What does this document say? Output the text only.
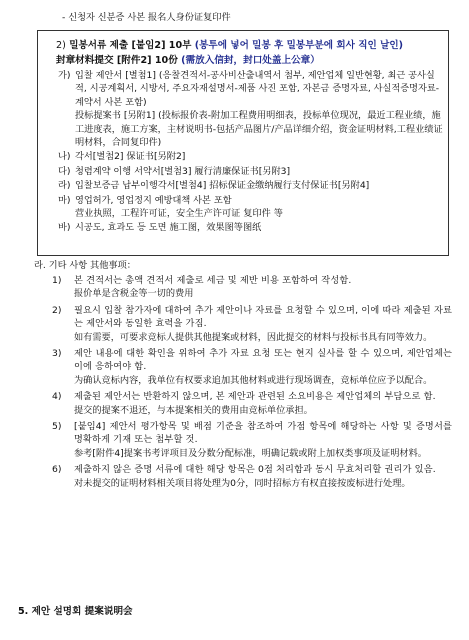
- 신청자 신분증 사본 报名人身份证复印件
2) 밀봉서류 제출 [붙임2] 10부 (봉투에 넣어 밀봉 후 밀봉부분에 회사 직인 날인)
封章材料提交 [附件2] 10份 (需放入信封，封口处盖上公章）
가) 입찰 제안서 [별첨1] (응찰견적서-공사비산출내역서 첨부, 제안업체 일반현황, 최근 공사실적, 시공계획서, 시방서, 주요자재설명서-제품 사진 포함, 자본금 증명자료, 사실적증명자료-계약서 사본 포함)
投标提案书 [另附1] (投标报价表-附加工程费用明细表，投标单位现况，最近工程业绩，施工进度表，施工方案，主材说明书-包括产品图片/产品详细介绍，资金证明材料,工程业绩证明材料，合同复印件)
나) 각서[별첨2] 保证书[另附2]
다) 청렴계약 이행 서약서[별첨3] 履行清廉保证书[另附3]
라) 입찰보증금 납부이행각서[별첨4] 招标保证金缴纳履行支付保证书[另附4]
마) 영업허가, 영업정지 예방대책 사본 포함
营业执照，工程许可证，安全生产许可证 复印件 等
바) 시공도, 효과도 등 도면 施工图，效果图等图纸
라. 기타 사항 其他事项：
1) 본 견적서는 총액 견적서 제출로 세금 및 제반 비용 포함하여 작성함.

报价单是含税金等一切的费用

2) 필요시 입찰 참가자에 대하여 추가 제안이나 자료를 요청할 수 있으며, 이에 따라 제출된 자료는 제안서와 동일한 효력을 가짐.

如有需要，可要求竞标人提供其他提案或材料，因此提交的材料与投标书具有同等效力。

3) 제안 내용에 대한 확인을 위하여 추가 자료 요청 또는 현지 실사를 할 수 있으며, 제안업체는 이에 응하여야 함.

为确认竞标内容，我单位有权要求追加其他材料或进行现场调查，竞标单位应予以配合。

4) 제출된 제안서는 반환하지 않으며, 본 제안과 관련된 소요비용은 제안업체의 부담으로 함.

提交的提案不退还，与本提案相关的费用由竞标单位承担。

5) [붙임4] 제안서 평가항목 및 배점 기준을 참조하여 가점 항목에 해당하는 사항 및 증명서를 명확하게 기재 또는 첨부할 것.

参考[附件4]提案书考评项目及分数分配标准，明确记载或附上加权类事项及证明材料。

6) 제출하지 않은 증명 서류에 대한 해당 항목은 0점 처리함과 동시 무효처리할 권리가 있음.

对未提交的证明材料相关项目将处理为0分，同时招标方有权直接按废标进行处理。

5. 제안 설명회 提案说明会
